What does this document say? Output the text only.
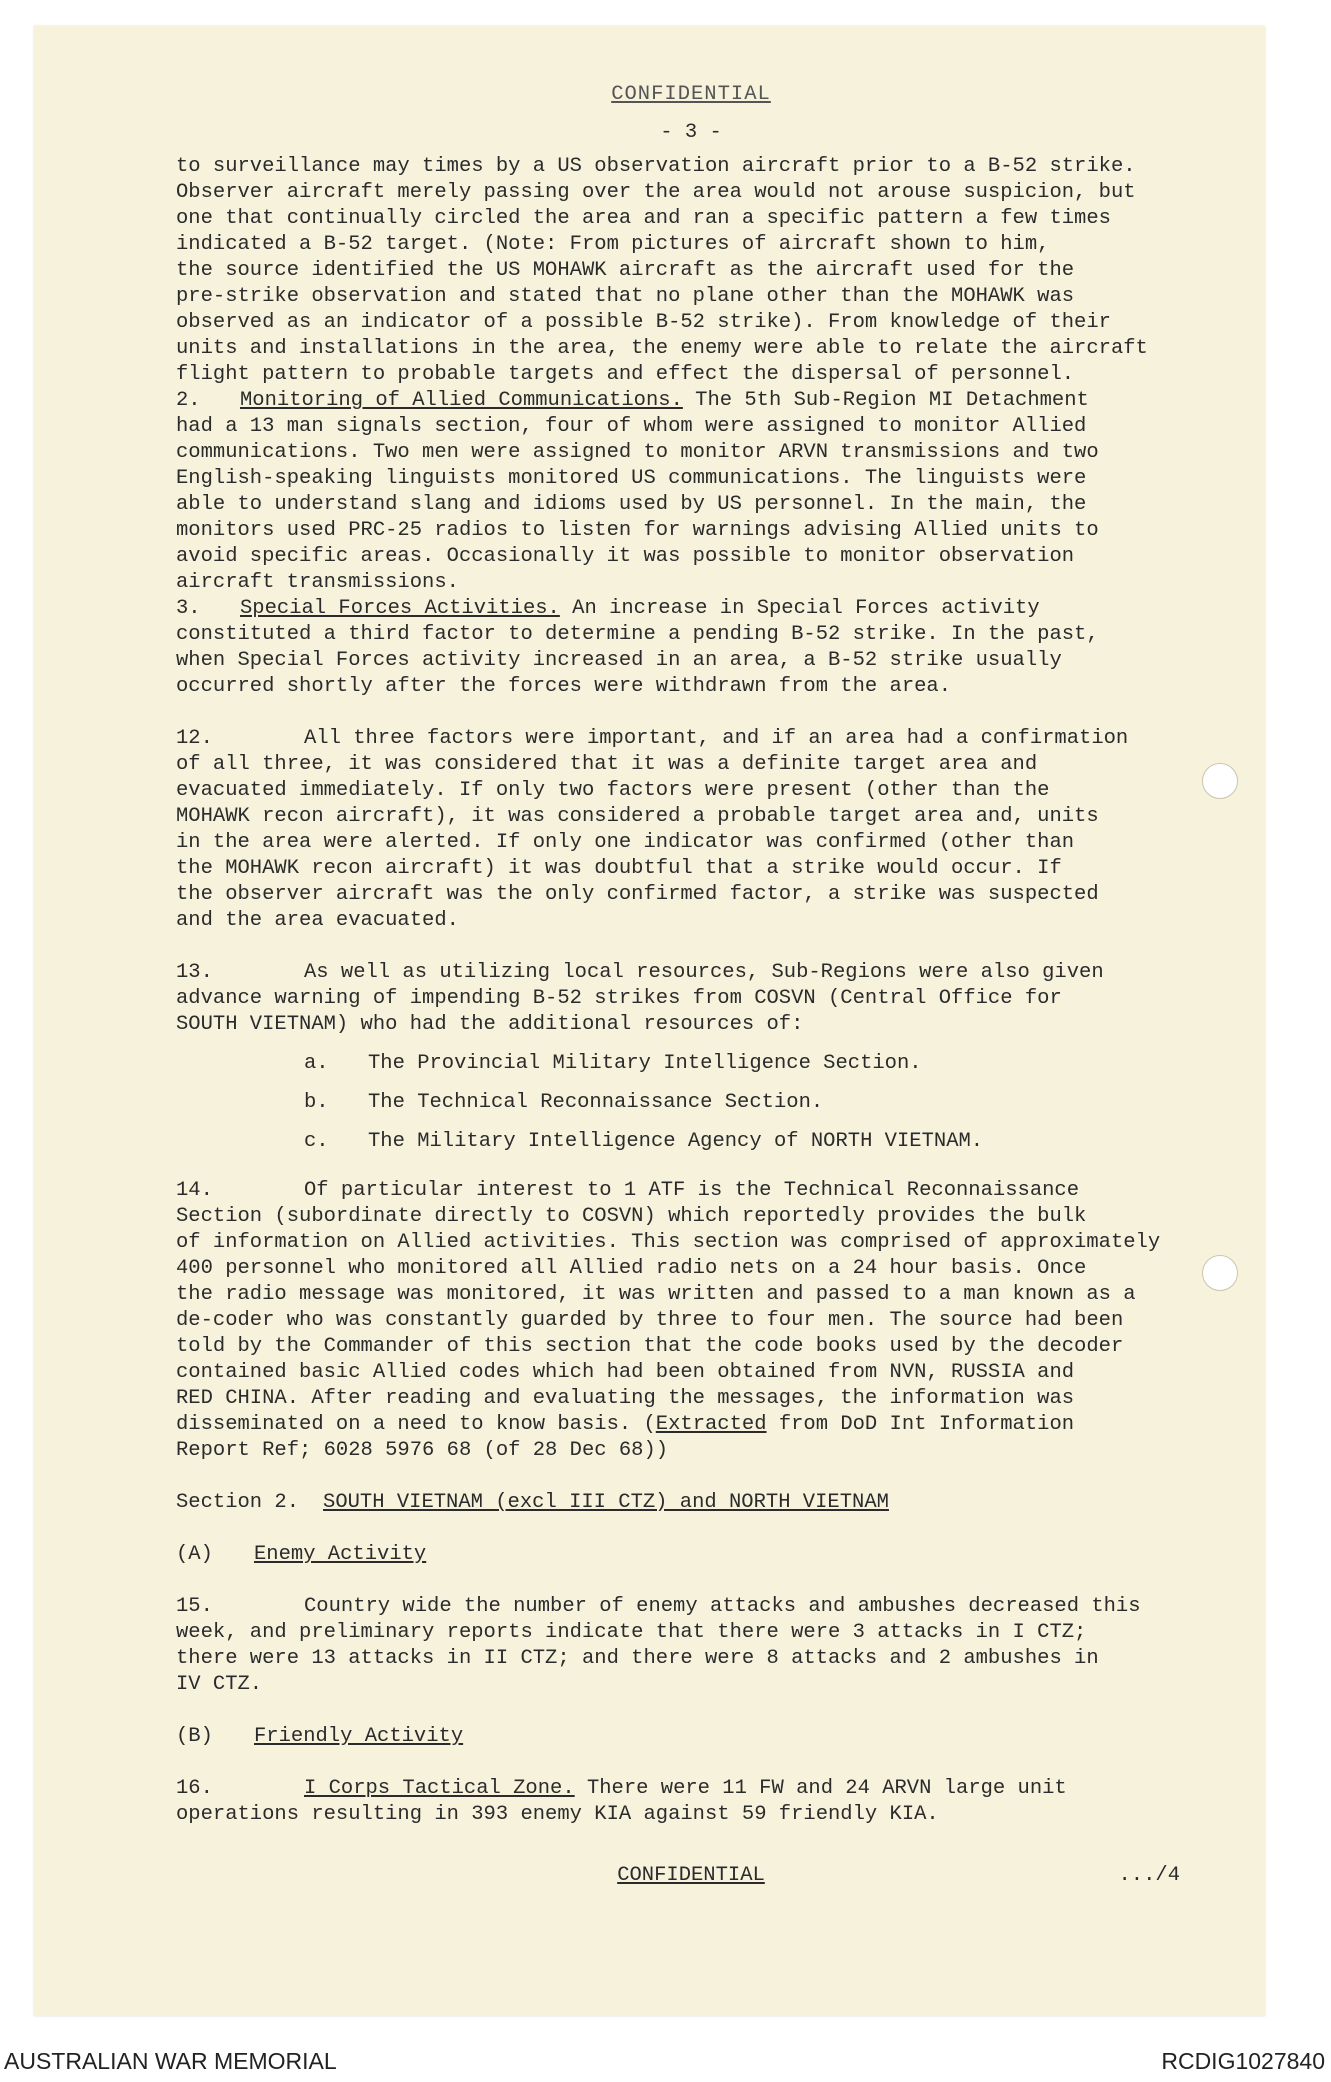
CONFIDENTIAL
- 3 -

to surveillance may times by a US observation aircraft prior to a B-52 strike.
Observer aircraft merely passing over the area would not arouse suspicion, but
one that continually circled the area and ran a specific pattern a few times
indicated a B-52 target. (Note: From pictures of aircraft shown to him,
the source identified the US MOHAWK aircraft as the aircraft used for the
pre-strike observation and stated that no plane other than the MOHAWK was
observed as an indicator of a possible B-52 strike). From knowledge of their
units and installations in the area, the enemy were able to relate the aircraft
flight pattern to probable targets and effect the dispersal of personnel.

2. Monitoring of Allied Communications. The 5th Sub-Region MI Detachment
had a 13 man signals section, four of whom were assigned to monitor Allied
communications. Two men were assigned to monitor ARVN transmissions and two
English-speaking linguists monitored US communications. The linguists were
able to understand slang and idioms used by US personnel. In the main, the
monitors used PRC-25 radios to listen for warnings advising Allied units to
avoid specific areas. Occasionally it was possible to monitor observation
aircraft transmissions.

3. Special Forces Activities. An increase in Special Forces activity
constituted a third factor to determine a pending B-52 strike. In the past,
when Special Forces activity increased in an area, a B-52 strike usually
occurred shortly after the forces were withdrawn from the area.

12.	All three factors were important, and if an area had a confirmation
of all three, it was considered that it was a definite target area and
evacuated immediately. If only two factors were present (other than the
MOHAWK recon aircraft), it was considered a probable target area and, units
in the area were alerted. If only one indicator was confirmed (other than
the MOHAWK recon aircraft) it was doubtful that a strike would occur. If
the observer aircraft was the only confirmed factor, a strike was suspected
and the area evacuated.

13.	As well as utilizing local resources, Sub-Regions were also given
advance warning of impending B-52 strikes from COSVN (Central Office for
SOUTH VIETNAM) who had the additional resources of:

a. The Provincial Military Intelligence Section.
b. The Technical Reconnaissance Section.
c. The Military Intelligence Agency of NORTH VIETNAM.

14.	Of particular interest to 1 ATF is the Technical Reconnaissance
Section (subordinate directly to COSVN) which reportedly provides the bulk
of information on Allied activities. This section was comprised of approximately
400 personnel who monitored all Allied radio nets on a 24 hour basis. Once
the radio message was monitored, it was written and passed to a man known as a
de-coder who was constantly guarded by three to four men. The source had been
told by the Commander of this section that the code books used by the decoder
contained basic Allied codes which had been obtained from NVN, RUSSIA and
RED CHINA. After reading and evaluating the messages, the information was
disseminated on a need to know basis. (Extracted from DoD Int Information
Report Ref; 6028 5976 68 (of 28 Dec 68))

Section 2. SOUTH VIETNAM (excl III CTZ) and NORTH VIETNAM
(A) Enemy Activity

15.	Country wide the number of enemy attacks and ambushes decreased this
week, and preliminary reports indicate that there were 3 attacks in I CTZ;
there were 13 attacks in II CTZ; and there were 8 attacks and 2 ambushes in
IV CTZ.

(B) Friendly Activity

16.	I Corps Tactical Zone. There were 11 FW and 24 ARVN large unit
operations resulting in 393 enemy KIA against 59 friendly KIA.

CONFIDENTIAL	.../4
AUSTRALIAN WAR MEMORIAL	RCDIG1027840
